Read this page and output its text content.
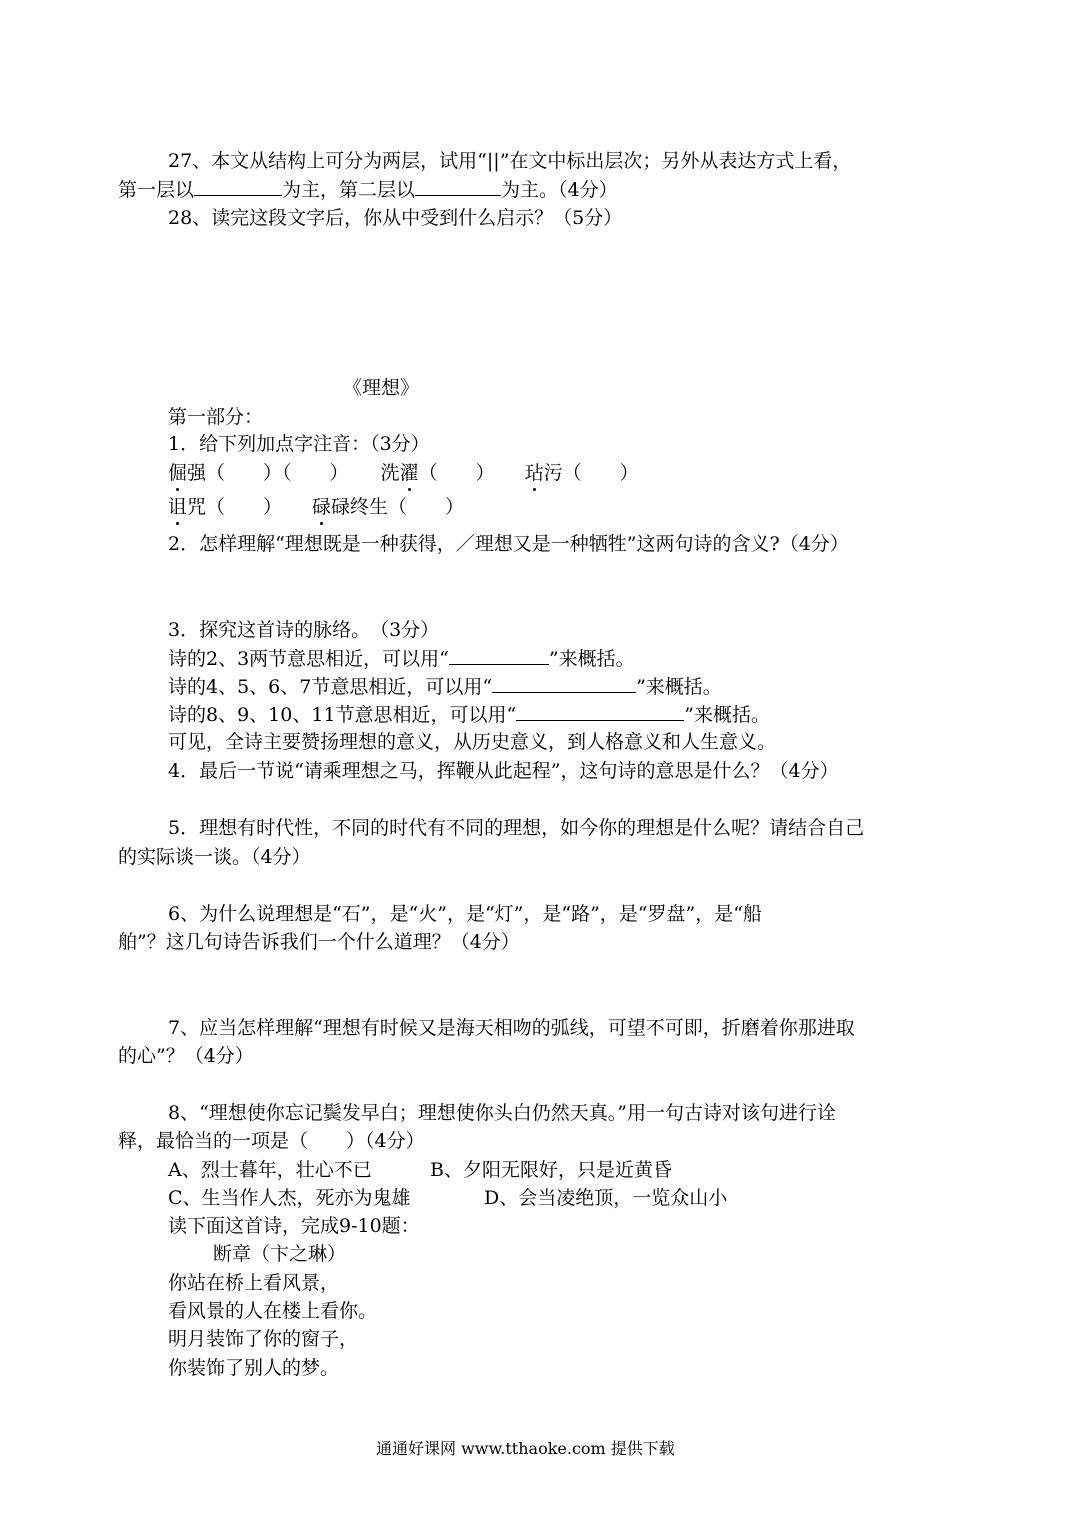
27、本文从结构上可分为两层，试用“||”在文中标出层次；另外从表达方式上看，
第一层以	为主，第二层以	为主。（4分）
28、读完这段文字后，你从中受到什么启示？（5分）
《理想》
第一部分：
1．给下列加点字注音：（3分）
倔强（　　）（　　） 洗濯（　　） 玷污（　　）
诅咒（　　） 碌碌终生（　　）
2．怎样理解“理想既是一种获得，／理想又是一种牺牲”这两句诗的含义?（4分）
3．探究这首诗的脉络。　（3分）
诗的2、3两节意思相近，可以用“	”来概括。
诗的4、5、6、7节意思相近，可以用“	”来概括。
诗的8、9、10、11节意思相近，可以用“	”来概括。
可见，全诗主要赞扬理想的意义，从历史意义，到人格意义和人生意义。
4．最后一节说“请乘理想之马，挥鞭从此起程”，这句诗的意思是什么？（4分）
5．理想有时代性，不同的时代有不同的理想，如今你的理想是什么呢？请结合自己
的实际谈一谈。（4分）
6、为什么说理想是“石”，是“火”，是“灯”，是“路”，是“罗盘”，是“船
舶”？这几句诗告诉我们一个什么道理？（4分）
7、应当怎样理解“理想有时候又是海天相吻的弧线，可望不可即，折磨着你那进取
的心”？（4分）
8、“理想使你忘记鬓发早白；理想使你头白仍然天真。”用一句古诗对该句进行诠
释，最恰当的一项是（　　）（4分）
A、烈士暮年，壮心不已	B、夕阳无限好，只是近黄昏
C、生当作人杰，死亦为鬼雄	D、会当凌绝顶，一览众山小
读下面这首诗，完成9-10题：
断章（卞之琳）
你站在桥上看风景，
看风景的人在楼上看你。
明月装饰了你的窗子，
你装饰了别人的梦。
通通好课网 www.tthaoke.com 提供下载
